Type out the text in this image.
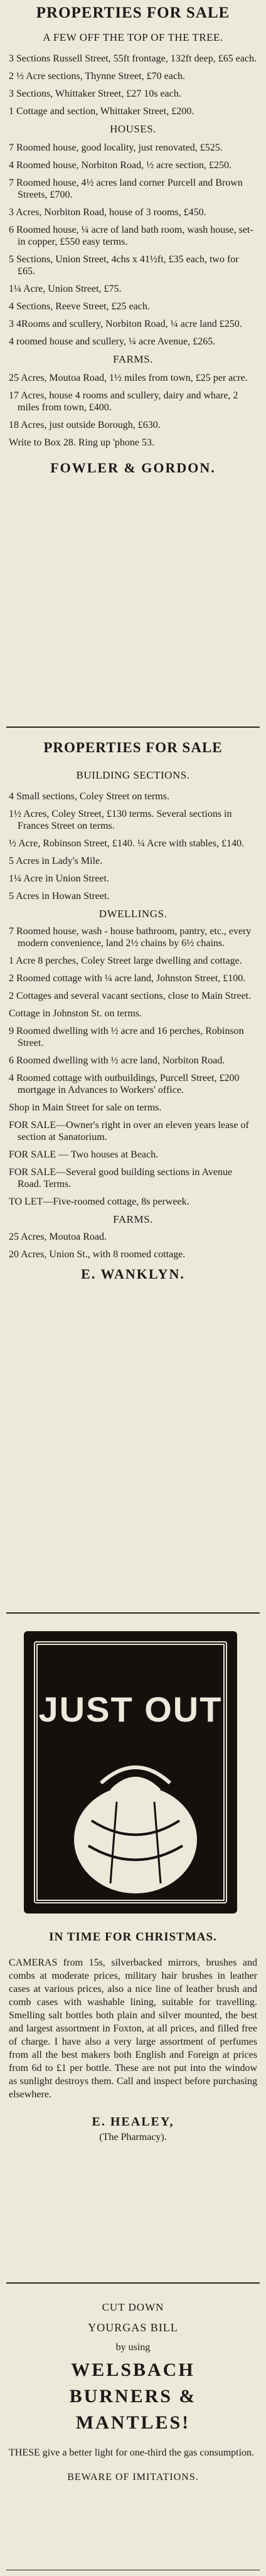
PROPERTIES FOR SALE
A FEW OFF THE TOP OF THE TREE.
3 Sections Russell Street, 55ft frontage, 132ft deep, £65 each.
2 ½ Acre sections, Thynne Street, £70 each.
3 Sections, Whittaker Street, £27 10s each.
1 Cottage and section, Whittaker Street, £200.
HOUSES.
7 Roomed house, good locality, just renovated, £525.
4 Roomed house, Norbiton Road, ½ acre section, £250.
7 Roomed house, 4½ acres land corner Purcell and Brown Streets, £700.
3 Acres, Norbiton Road, house of 3 rooms, £450.
6 Roomed house, ¼ acre of land bath room, wash house, set-in copper, £550 easy terms.
5 Sections, Union Street, 4chs x 41½ft, £35 each, two for £65.
1¼ Acre, Union Street, £75.
4 Sections, Reeve Street, £25 each.
3 4Rooms and scullery, Norbiton Road, ¼ acre land £250.
4 roomed house and scullery, ¼ acre Avenue, £265.
FARMS.
25 Acres, Moutoa Road, 1½ miles from town, £25 per acre.
17 Acres, house 4 rooms and scullery, dairy and whare, 2 miles from town, £400.
18 Acres, just outside Borough, £630.
Write to Box 28. Ring up 'phone 53.
FOWLER & GORDON.
PROPERTIES FOR SALE
BUILDING SECTIONS.
4 Small sections, Coley Street on terms.
1½ Acres, Coley Street, £130 terms. Several sections in Frances Street on terms.
½ Acre, Robinson Street, £140. ¼ Acre with stables, £140.
5 Acres in Lady's Mile.
1¼ Acre in Union Street.
5 Acres in Howan Street.
DWELLINGS.
7 Roomed house, wash - house bathroom, pantry, etc., every modern convenience, land 2½ chains by 6½ chains.
1 Acre 8 perches, Coley Street large dwelling and cottage.
2 Roomed cottage with ¼ acre land, Johnston Street, £100.
2 Cottages and several vacant sections, close to Main Street.
Cottage in Johnston St. on terms.
9 Roomed dwelling with ½ acre and 16 perches, Robinson Street.
6 Roomed dwelling with ½ acre land, Norbiton Road.
4 Roomed cottage with outbuildings, Purcell Street, £200 mortgage in Advances to Workers' office.
Shop in Main Street for sale on terms.
FOR SALE—Owner's right in over an eleven years lease of section at Sanatorium.
FOR SALE — Two houses at Beach.
FOR SALE—Several good building sections in Avenue Road. Terms.
TO LET—Five-roomed cottage, 8s perweek.
FARMS.
25 Acres, Moutoa Road.
20 Acres, Union St., with 8 roomed cottage.
E. WANKLYN.
JUST OUT
IN TIME FOR CHRISTMAS.

CAMERAS from 15s, silverbacked mirrors, brushes and combs at moderate prices, military hair brushes in leather cases at various prices, also a nice line of leather brush and comb cases with washable lining, suitable for travelling. Smelling salt bottles both plain and silver mounted, the best and largest assortment in Foxton, at all prices, and filled free of charge. I have also a very large assortment of perfumes from all the best makers both English and Foreign at prices from 6d to £1 per bottle. These are not put into the window as sunlight destroys them. Call and inspect before purchasing elsewhere.

E. HEALEY,
(The Pharmacy).
CUT DOWN
YOURGAS BILL
by using
WELSBACH
BURNERS &
MANTLES!

THESE give a better light for one-third the gas consumption.

BEWARE OF IMITATIONS.
